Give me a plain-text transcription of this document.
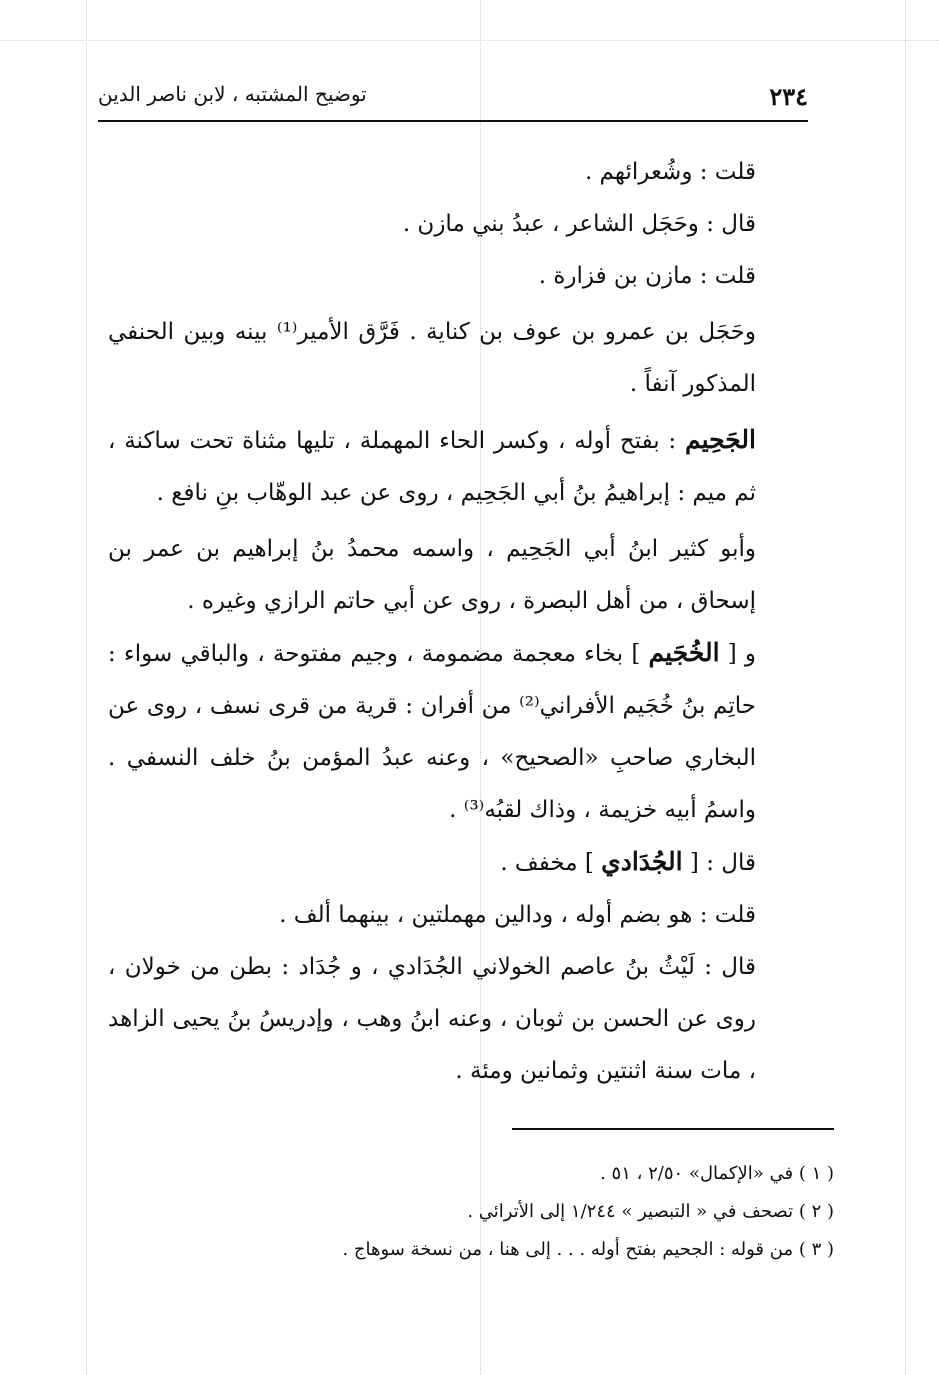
٢٣٤
توضيح المشتبه ، لابن ناصر الدين

قلت : وشُعرائهم .

قال : وحَجَل الشاعر ، عبدُ بني مازن .

قلت : مازن بن فزارة .

وحَجَل بن عمرو بن عوف بن كناية . فَرَّق الأمير⁽¹⁾ بينه وبين الحنفي المذكور آنفاً .

الجَحِيم : بفتح أوله ، وكسر الحاء المهملة ، تليها مثناة تحت ساكنة ، ثم ميم : إبراهيمُ بنُ أبي الجَحِيم ، روى عن عبد الوهّاب بنِ نافع .

وأبو كثير ابنُ أبي الجَحِيم ، واسمه محمدُ بنُ إبراهيم بن عمر بن إسحاق ، من أهل البصرة ، روى عن أبي حاتم الرازي وغيره .

و [ الخُجَيم ] بخاء معجمة مضمومة ، وجيم مفتوحة ، والباقي سواء : حاتِم بنُ خُجَيم الأفراني⁽²⁾ من أفران : قرية من قرى نسف ، روى عن البخاري صاحبِ «الصحيح» ، وعنه عبدُ المؤمن بنُ خلف النسفي . واسمُ أبيه خزيمة ، وذاك لقبُه⁽³⁾ .

قال : [ الجُدَادي ] مخفف .

قلت : هو بضم أوله ، ودالين مهملتين ، بينهما ألف .

قال : لَيْثُ بنُ عاصم الخولاني الجُدَادي ، و جُدَاد : بطن من خولان ، روى عن الحسن بن ثوبان ، وعنه ابنُ وهب ، وإدريسُ بنُ يحيى الزاهد ، مات سنة اثنتين وثمانين ومئة .

( ١ ) في «الإكمال» ٢/٥٠ ، ٥١ .

( ٢ ) تصحف في « التبصير » ١/٢٤٤ إلى الأترائي .

( ٣ ) من قوله : الجحيم بفتح أوله . . . إلى هنا ، من نسخة سوهاج .
